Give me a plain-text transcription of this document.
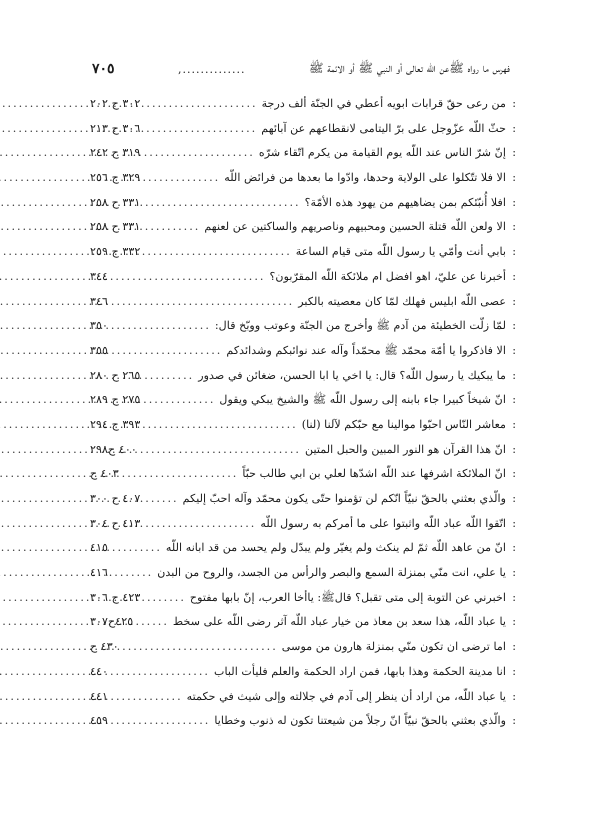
فهرس ما رواه ﷺعن اللّه تعالى أو النبي ﷺ أو الائمة ﷺ
..............,
٧٠٥
:
من رعى حقّ قرابات ابويه أعطي في الجنّة ألف درجة
.....
٣٠٢ ح ٢٠٢
:
حثّ اللّه عزّوجل على برّ اليتامى لانقطاعهم عن آبائهم
.....
٣٠٦ ح ٢١٣
:
إنّ شرّ الناس عند اللّه يوم القيامة من يكرم اتّقاء شرّه
.....
٣١٩ ح ٢٤٢
:
الا فلا تتّكلوا على الولاية وحدها، وادّوا ما بعدها من فرائض اللّه
.....
٣٢٩ ح ٢٥٦
:
افلا أُنبّئكم بمن يضاهيهم من يهود هذه الأمّة؟
.....
٣٣١ ح ٢٥٨
:
الا ولعن اللّه قتلة الحسين ومحبيهم وناصريهم والساكتين عن لعنهم
.....
٣٣١ ح ٢٥٨
:
بابي أنت وأمّي يا رسول اللّه متى قيام الساعة
.....
٣٣٢ ح ٢٥٩
:
أخبرنا عن عليّ، اهو افضل ام ملائكة اللّه المقرّبون؟
.....
٣٤٤
:
عصى اللّه ابليس فهلك لمّا كان معصيته بالكبر
.....
٣٤٦
:
لمّا زلّت الخطيئة من آدم ﷺ وأخرج من الجنّة وعوتب ووبّخ قال:
.....
٣٥٠
:
الا فاذكروا يا أمّة محمّد ﷺ محمّداً وآله عند نوائبكم وشدائدكم
.....
٣٥٥
:
ما يبكيك يا رسول اللّه؟ قال: يا اخي يا ابا الحسن، ضغائن في صدور
.....
٢٦٥ ح ٢٨٠
:
انّ شيخاً كبيرا جاء بابنه إلى رسول اللّه ﷺ والشيخ يبكي ويقول
.....
٢٧٥ ح ٢٨٩
:
معاشر النّاس احبّوا موالينا مع حبّكم لآلنا (لنا)
.....
٣٩٣ ح ٢٩٤
:
انّ هذا القرآن هو النور المبين والحبل المتين
.....
٤٠٠ ح٢٩٨
:
انّ الملائكة اشرفها عند اللّه اشدّها لعلي بن ابي طالب حبّاً
.....
٤٠٣ ح
:
والّذي بعثني بالحقّ نبيّاً انّكم لن تؤمنوا حتّى يكون محمّد وآله احبّ إليكم
.....
٤٠٧ ح ٣٠٠
:
اتّقوا اللّه عباد اللّه واثبتوا على ما أمركم به رسول اللّه
.....
٤١٣ ح ٣٠٤
:
انّ من عاهد اللّه ثمّ لم ينكث ولم يغيّر ولم يبدّل ولم يحسد من قد ابانه اللّه
.....
٤١٥
:
يا علي، انت منّي بمنزلة السمع والبصر والرأس من الجسد، والروح من البدن
.....
٤١٦
:
اخبرني عن التوبة إلى متى تقبل؟ قالﷺ: ياأخا العرب، إنّ بابها مفتوح
.....
٤٢٣ ح ٣٠٦
:
يا عباد اللّه، هذا سعد بن معاذ من خيار عباد اللّه آثر رضى اللّه على سخط
.....
٤٢٥ح٣٠٧
:
اما ترضى ان تكون منّي بمنزلة هارون من موسى
.....
٤٣٠ ح
:
انا مدينة الحكمة وهذا بابها، فمن اراد الحكمة والعلم فليأت الباب
.....
٤٤٠
:
يا عباد اللّه، من اراد أن ينظر إلى آدم في جلالته وإلى شيث في حكمته
.....
٤٤١
:
والّذي بعثني بالحقّ نبيّاً انّ رجلاً من شيعتنا تكون له ذنوب وخطايا
.....
٤٥٩
